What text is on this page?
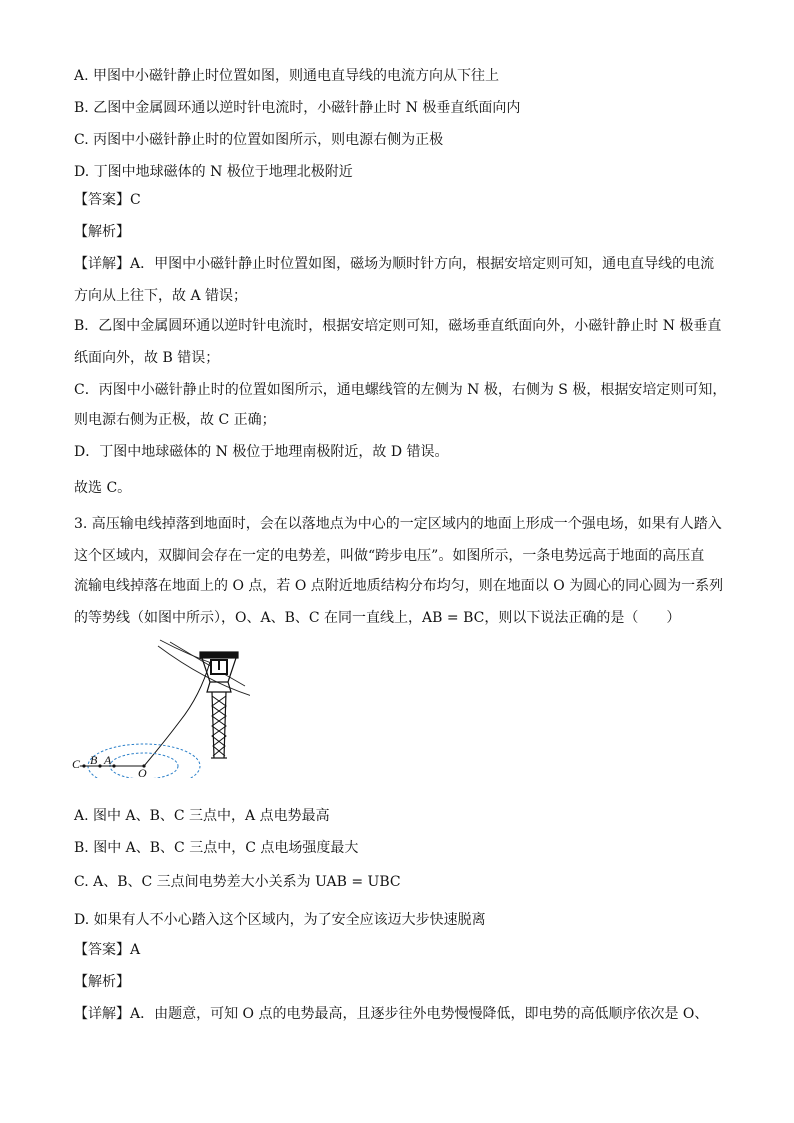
A. 甲图中小磁针静止时位置如图，则通电直导线的电流方向从下往上
B. 乙图中金属圆环通以逆时针电流时，小磁针静止时 N 极垂直纸面向内
C. 丙图中小磁针静止时的位置如图所示，则电源右侧为正极
D. 丁图中地球磁体的 N 极位于地理北极附近
【答案】C
【解析】
【详解】A．甲图中小磁针静止时位置如图，磁场为顺时针方向，根据安培定则可知，通电直导线的电流
方向从上往下，故 A 错误；
B．乙图中金属圆环通以逆时针电流时，根据安培定则可知，磁场垂直纸面向外，小磁针静止时 N 极垂直
纸面向外，故 B 错误；
C．丙图中小磁针静止时的位置如图所示，通电螺线管的左侧为 N 极，右侧为 S 极，根据安培定则可知，
则电源右侧为正极，故 C 正确；
D．丁图中地球磁体的 N 极位于地理南极附近，故 D 错误。
故选 C。
3. 高压输电线掉落到地面时，会在以落地点为中心的一定区域内的地面上形成一个强电场，如果有人踏入
这个区域内，双脚间会存在一定的电势差，叫做“跨步电压”。如图所示，一条电势远高于地面的高压直
流输电线掉落在地面上的 O 点，若 O 点附近地质结构分布均匀，则在地面以 O 为圆心的同心圆为一系列
的等势线（如图中所示），O、A、B、C 在同一直线上，AB = BC，则以下说法正确的是（　　）
C B A
O
A. 图中 A、B、C 三点中，A 点电势最高
B. 图中 A、B、C 三点中，C 点电场强度最大
C. A、B、C 三点间电势差大小关系为 UAB = UBC
D. 如果有人不小心踏入这个区域内，为了安全应该迈大步快速脱离
【答案】A
【解析】
【详解】A．由题意，可知 O 点的电势最高，且逐步往外电势慢慢降低，即电势的高低顺序依次是 O、
